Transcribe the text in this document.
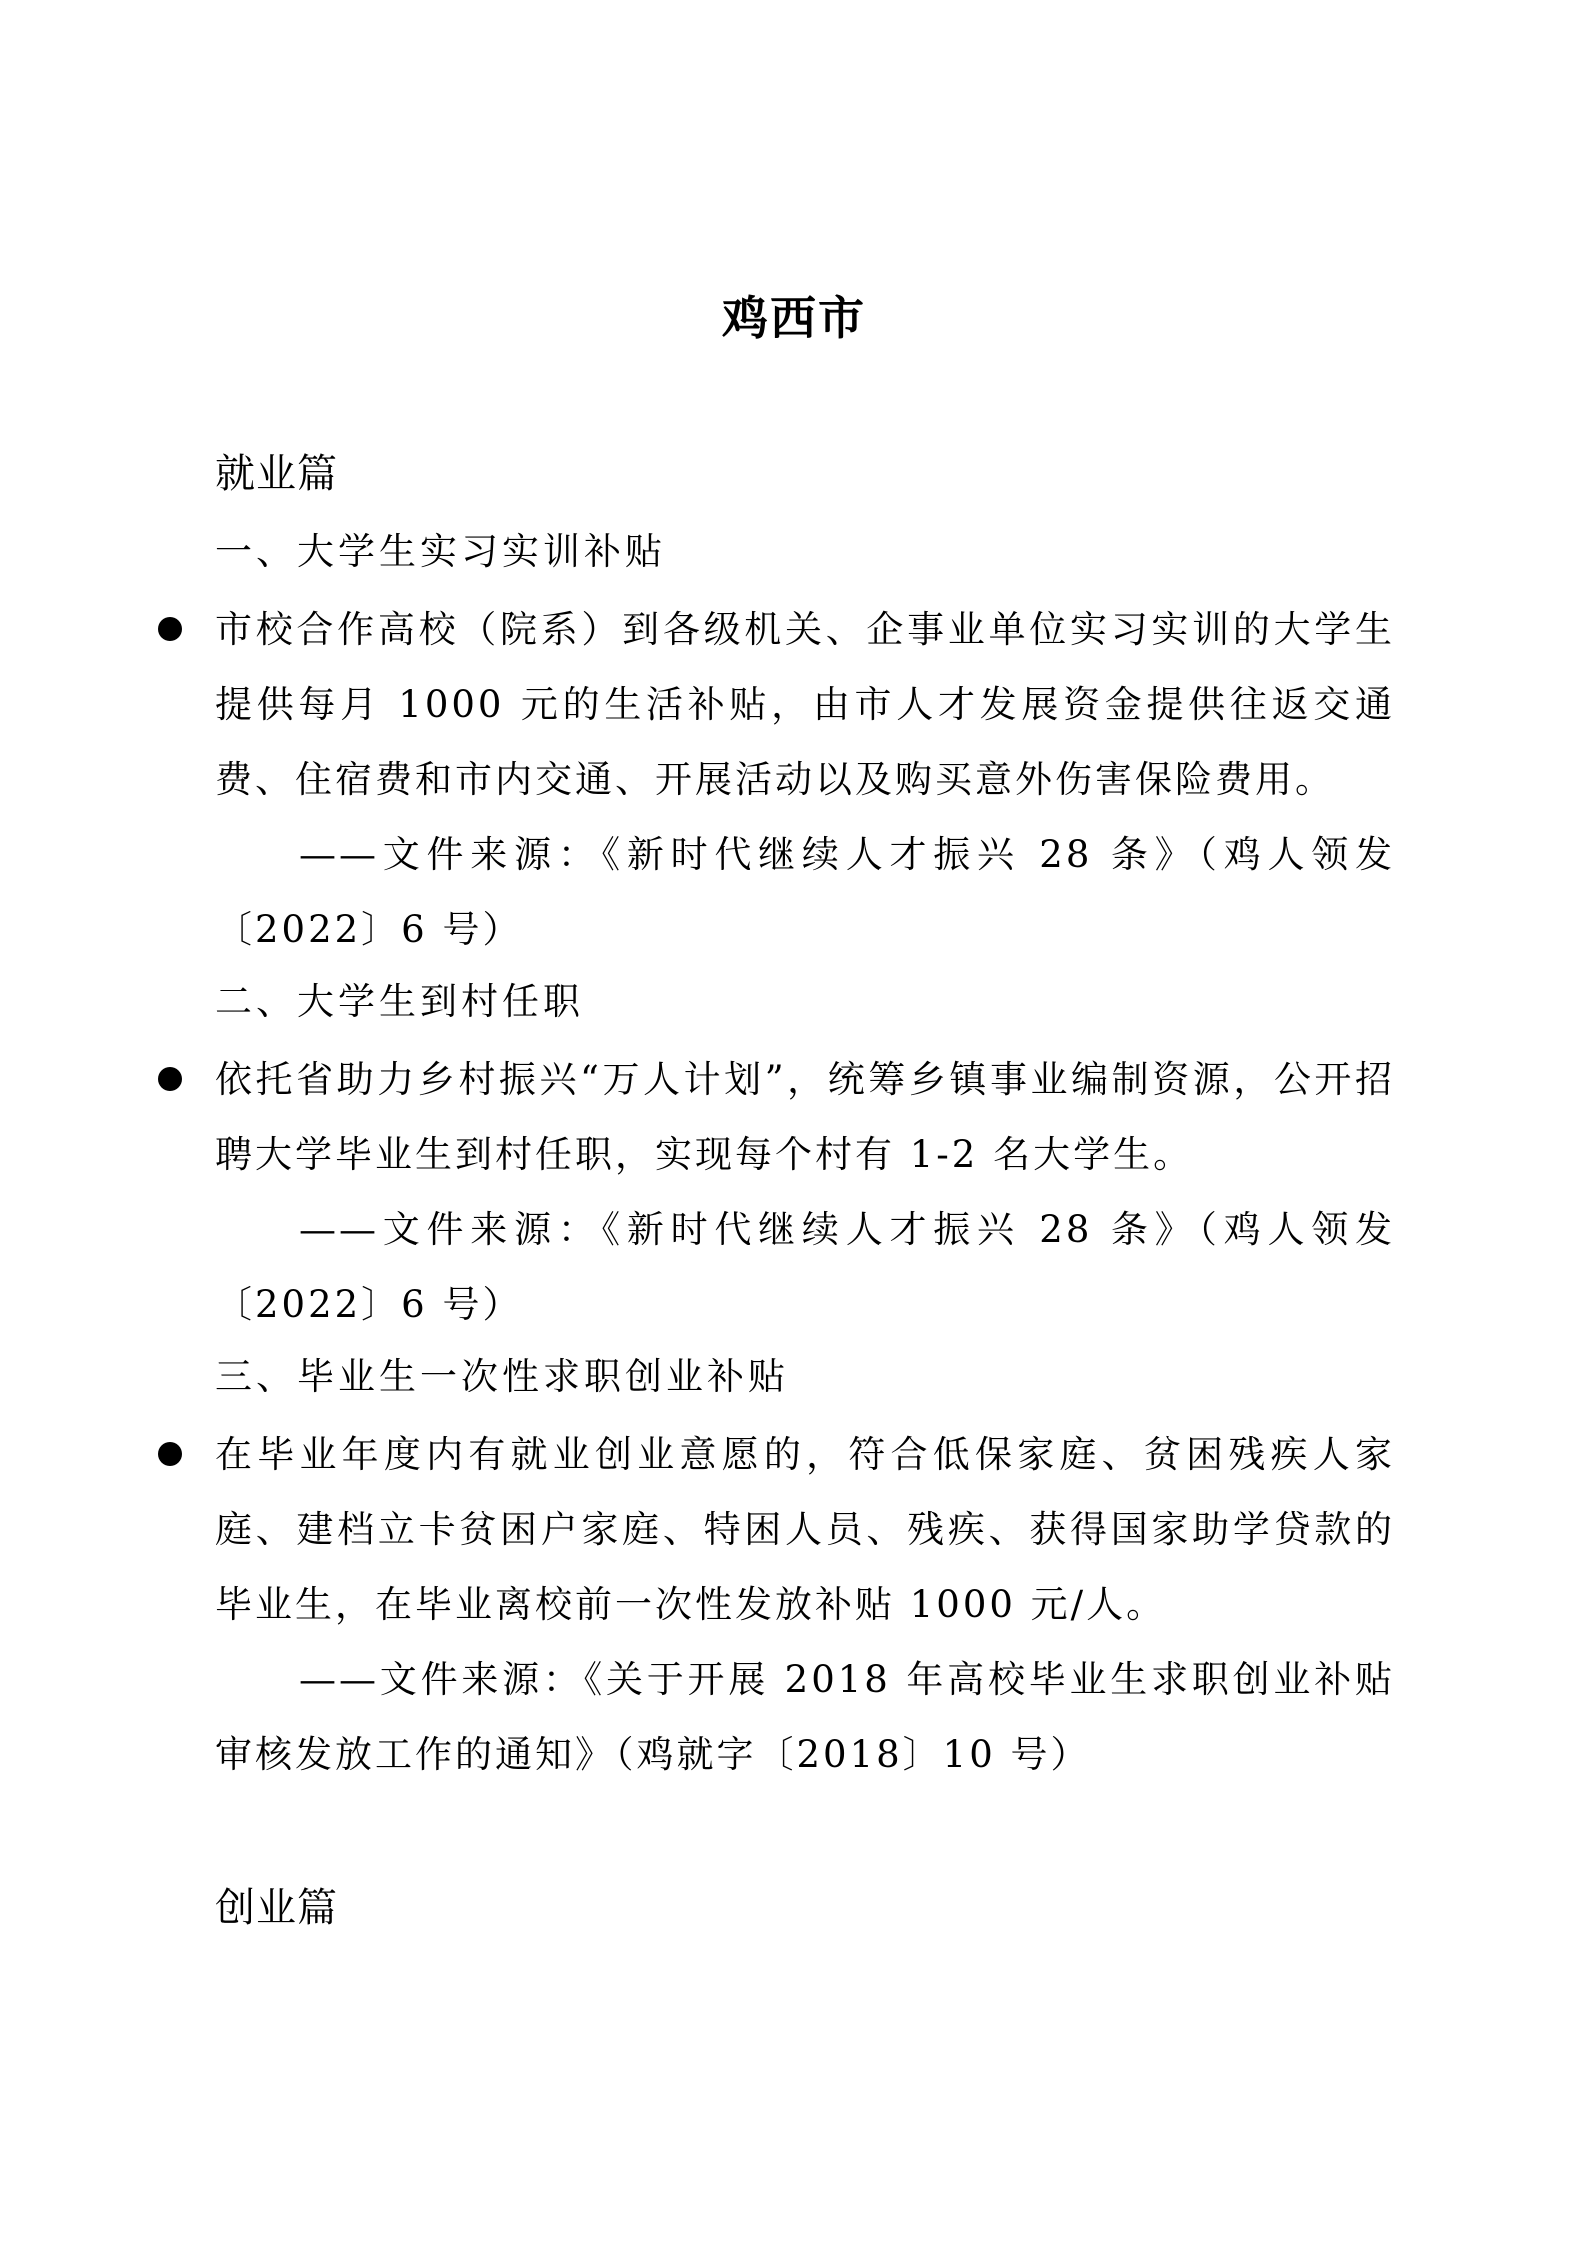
鸡西市
就业篇
一、大学生实习实训补贴
市校合作高校（院系）到各级机关、企事业单位实习实训的大学生提供每月 1000 元的生活补贴，由市人才发展资金提供往返交通费、住宿费和市内交通、开展活动以及购买意外伤害保险费用。
——文件来源：《新时代继续人才振兴 28 条》（鸡人领发〔2022〕6 号）
二、大学生到村任职
依托省助力乡村振兴“万人计划”，统筹乡镇事业编制资源，公开招聘大学毕业生到村任职，实现每个村有 1-2 名大学生。
——文件来源：《新时代继续人才振兴 28 条》（鸡人领发〔2022〕6 号）
三、毕业生一次性求职创业补贴
在毕业年度内有就业创业意愿的，符合低保家庭、贫困残疾人家庭、建档立卡贫困户家庭、特困人员、残疾、获得国家助学贷款的毕业生，在毕业离校前一次性发放补贴 1000 元/人。
——文件来源：《关于开展 2018 年高校毕业生求职创业补贴审核发放工作的通知》（鸡就字〔2018〕10 号）
创业篇
